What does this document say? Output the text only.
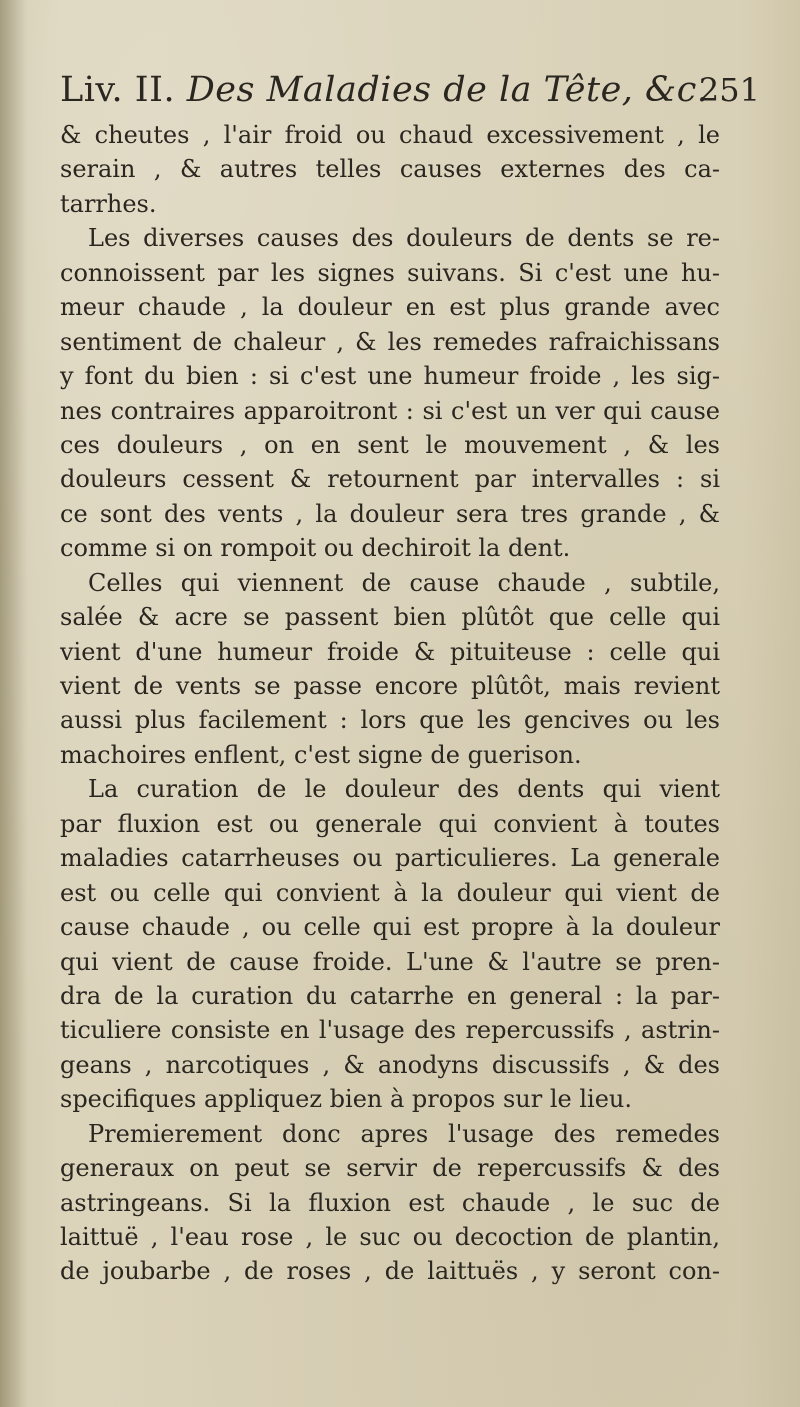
Liv. II. Des Maladies de la Tête, &c.
251
& cheutes , l'air froid ou chaud excessivement , le
serain , & autres telles causes externes des ca-
tarrhes.
Les diverses causes des douleurs de dents se re-
connoissent par les signes suivans. Si c'est une hu-
meur chaude , la douleur en est plus grande avec
sentiment de chaleur , & les remedes rafraichissans
y font du bien : si c'est une humeur froide , les sig-
nes contraires apparoitront : si c'est un ver qui cause
ces douleurs , on en sent le mouvement , & les
douleurs cessent & retournent par intervalles : si
ce sont des vents , la douleur sera tres grande , &
comme si on rompoit ou dechiroit la dent.
Celles qui viennent de cause chaude , subtile,
salée & acre se passent bien plûtôt que celle qui
vient d'une humeur froide & pituiteuse : celle qui
vient de vents se passe encore plûtôt, mais revient
aussi plus facilement : lors que les gencives ou les
machoires enflent, c'est signe de guerison.
La curation de le douleur des dents qui vient
par fluxion est ou generale qui convient à toutes
maladies catarrheuses ou particulieres. La generale
est ou celle qui convient à la douleur qui vient de
cause chaude , ou celle qui est propre à la douleur
qui vient de cause froide. L'une & l'autre se pren-
dra de la curation du catarrhe en general : la par-
ticuliere consiste en l'usage des repercussifs , astrin-
geans , narcotiques , & anodyns discussifs , & des
specifiques appliquez bien à propos sur le lieu.
Premierement donc apres l'usage des remedes
generaux on peut se servir de repercussifs & des
astringeans. Si la fluxion est chaude , le suc de
laittuë , l'eau rose , le suc ou decoction de plantin,
de joubarbe , de roses , de laittuës , y seront con-
